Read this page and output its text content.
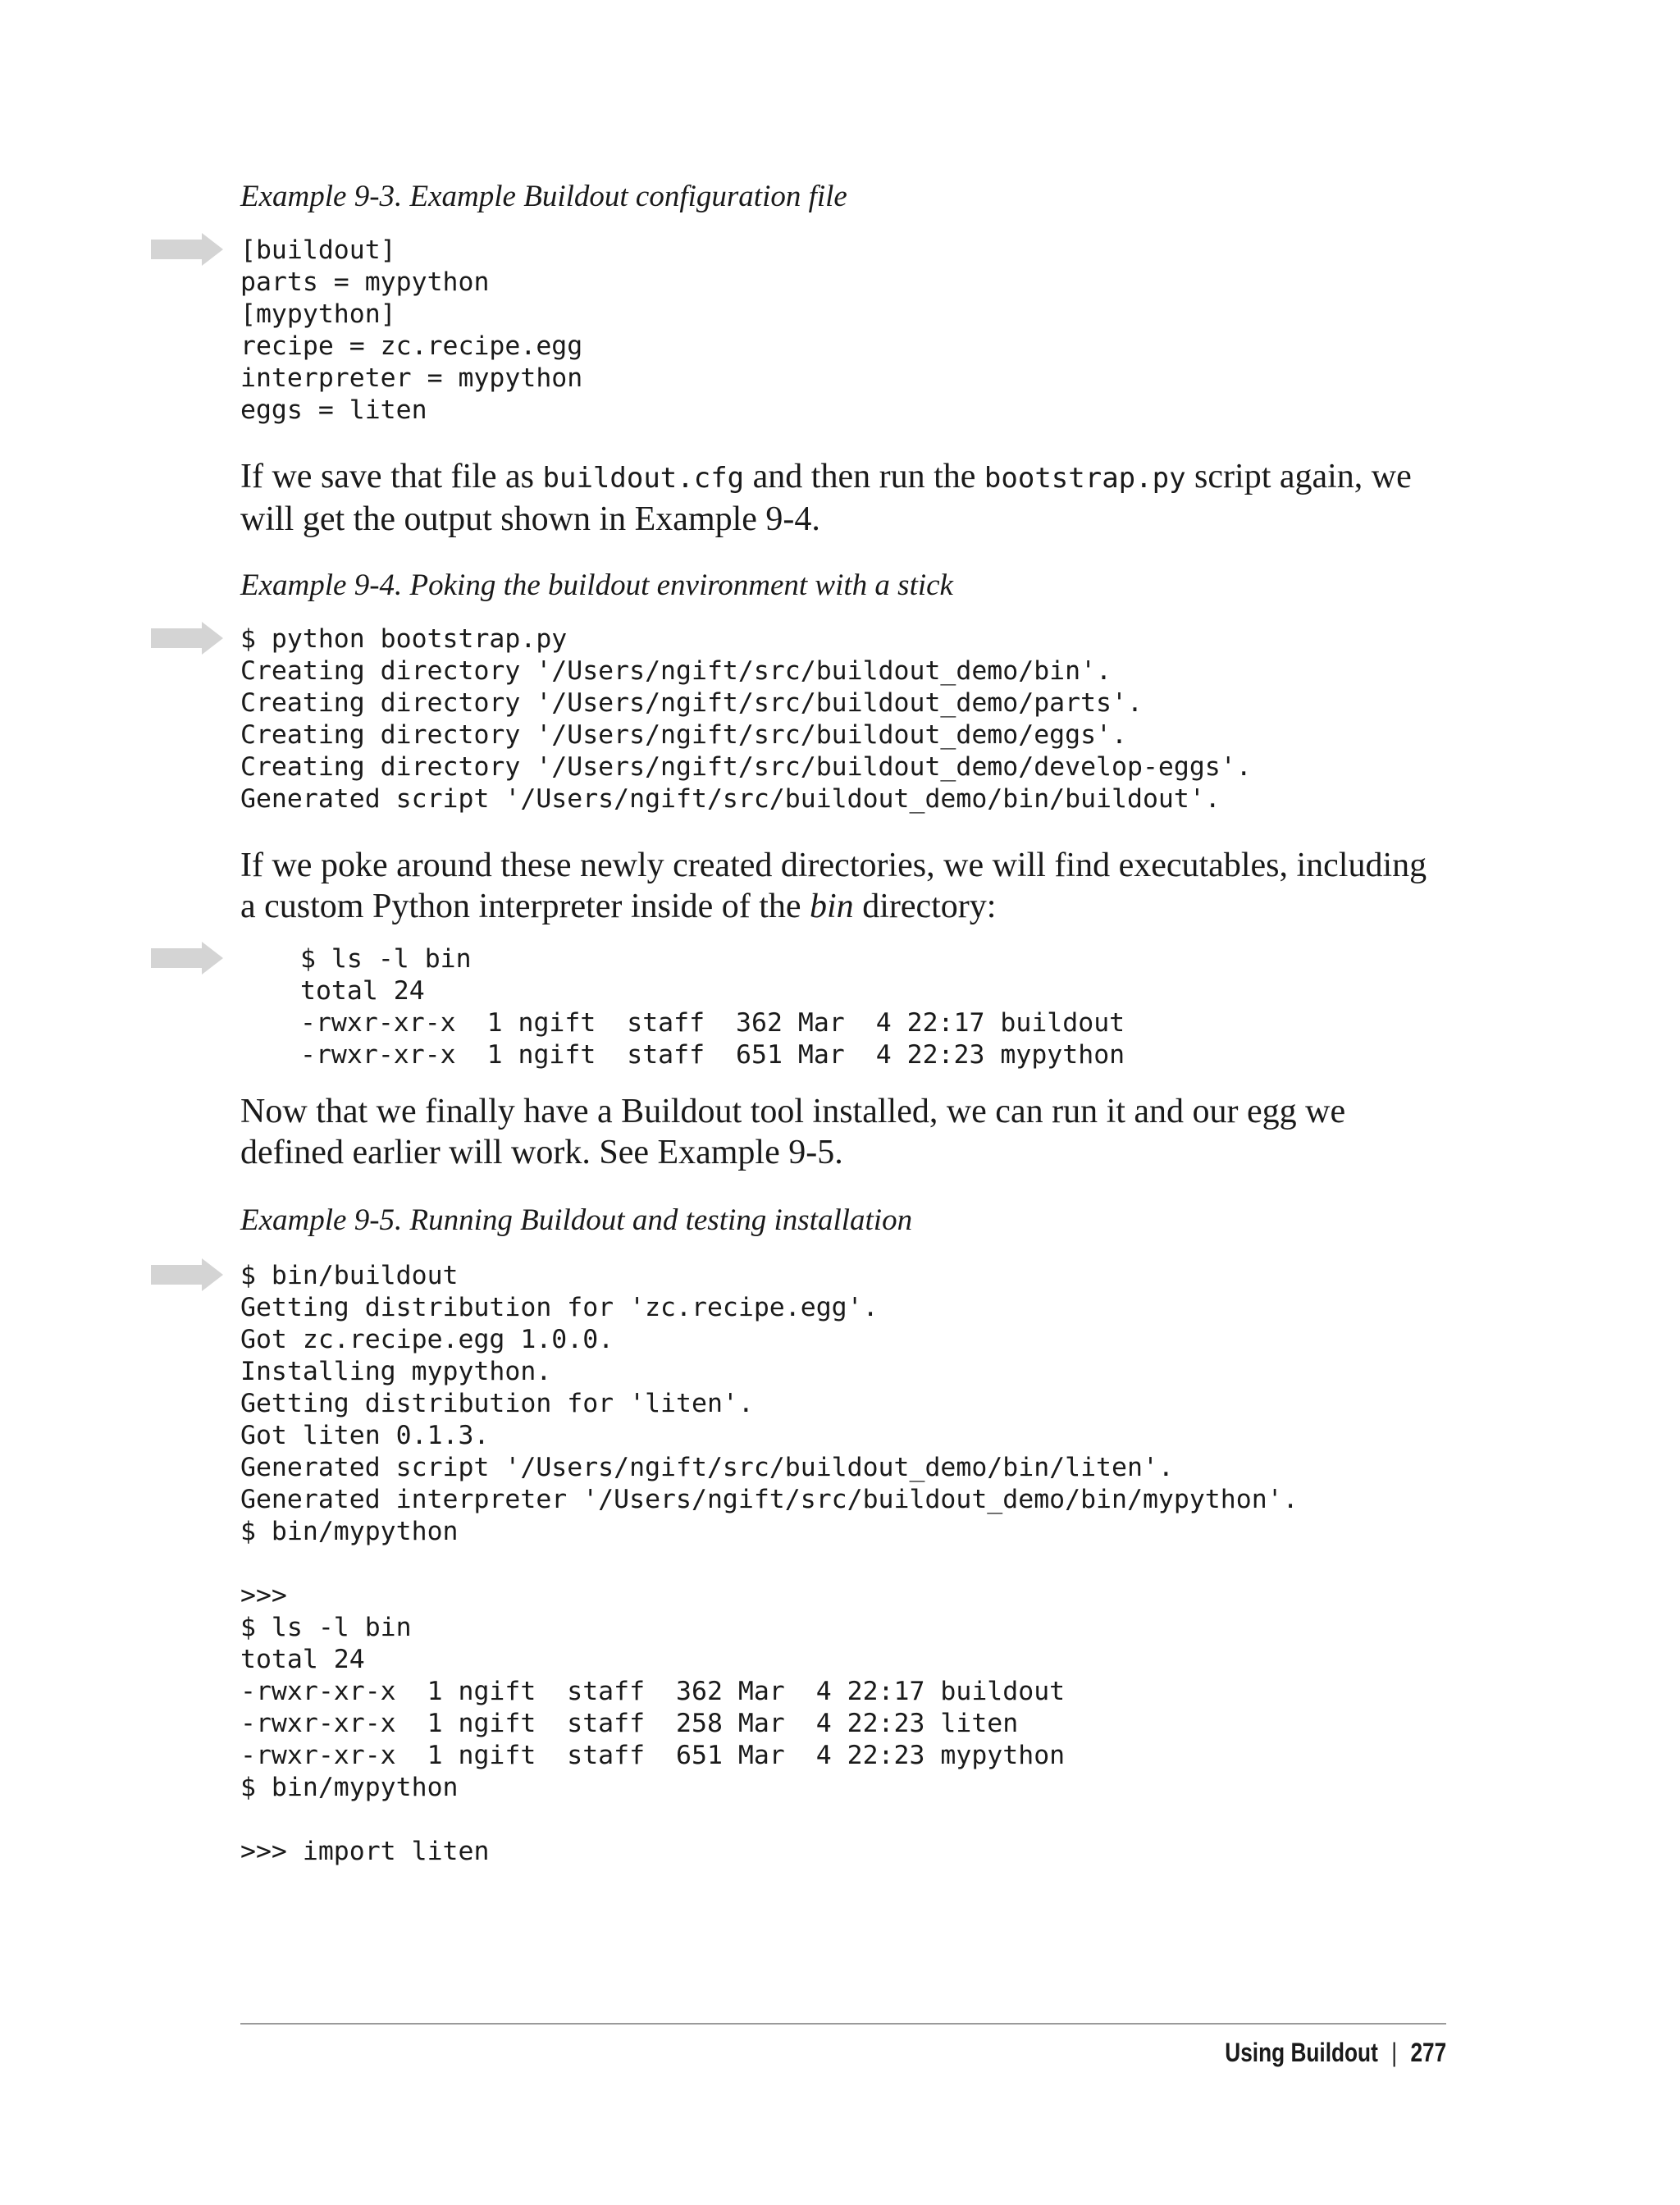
Example 9-3. Example Buildout configuration file
[buildout]
parts = mypython
[mypython]
recipe = zc.recipe.egg
interpreter = mypython
eggs = liten

If we save that file as buildout.cfg and then run the bootstrap.py script again, we will get the output shown in Example 9-4.

Example 9-4. Poking the buildout environment with a stick
$ python bootstrap.py
Creating directory '/Users/ngift/src/buildout_demo/bin'.
Creating directory '/Users/ngift/src/buildout_demo/parts'.
Creating directory '/Users/ngift/src/buildout_demo/eggs'.
Creating directory '/Users/ngift/src/buildout_demo/develop-eggs'.
Generated script '/Users/ngift/src/buildout_demo/bin/buildout'.

If we poke around these newly created directories, we will find executables, including a custom Python interpreter inside of the bin directory:

$ ls -l bin
total 24
-rwxr-xr-x  1 ngift  staff  362 Mar  4 22:17 buildout
-rwxr-xr-x  1 ngift  staff  651 Mar  4 22:23 mypython

Now that we finally have a Buildout tool installed, we can run it and our egg we defined earlier will work. See Example 9-5.

Example 9-5. Running Buildout and testing installation
$ bin/buildout
Getting distribution for 'zc.recipe.egg'.
Got zc.recipe.egg 1.0.0.
Installing mypython.
Getting distribution for 'liten'.
Got liten 0.1.3.
Generated script '/Users/ngift/src/buildout_demo/bin/liten'.
Generated interpreter '/Users/ngift/src/buildout_demo/bin/mypython'.
$ bin/mypython

>>>
$ ls -l bin
total 24
-rwxr-xr-x  1 ngift  staff  362 Mar  4 22:17 buildout
-rwxr-xr-x  1 ngift  staff  258 Mar  4 22:23 liten
-rwxr-xr-x  1 ngift  staff  651 Mar  4 22:23 mypython
$ bin/mypython

>>> import liten
Using Buildout | 277
